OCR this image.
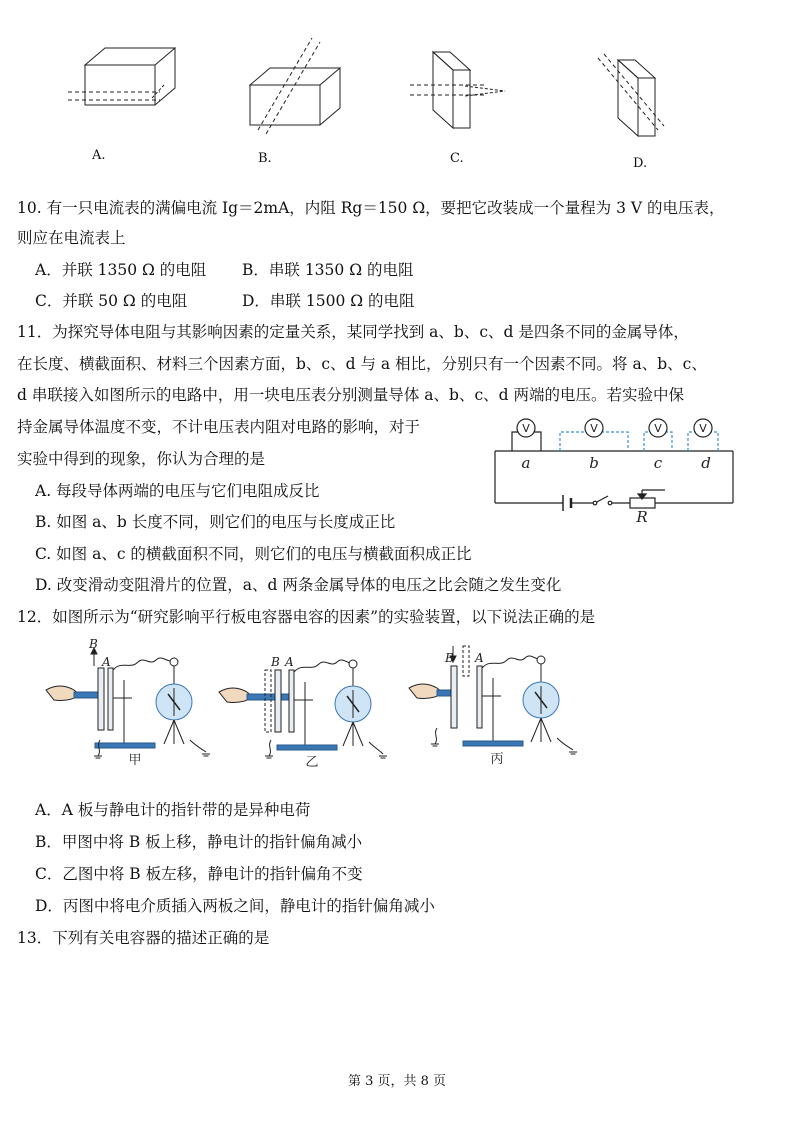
A.	B.	C.	D.
10. 有一只电流表的满偏电流 Ig＝2mA，内阻 Rg＝150 Ω，要把它改装成一个量程为 3 V 的电压表，
则应在电流表上
A．并联 1350 Ω 的电阻 B．串联 1350 Ω 的电阻
C．并联 50 Ω 的电阻	D．串联 1500 Ω 的电阻
11．为探究导体电阻与其影响因素的定量关系，某同学找到 a、b、c、d 是四条不同的金属导体，
在长度、横截面积、材料三个因素方面，b、c、d 与 a 相比，分别只有一个因素不同。将 a、b、c、
d 串联接入如图所示的电路中，用一块电压表分别测量导体 a、b、c、d 两端的电压。若实验中保
持金属导体温度不变，不计电压表内阻对电路的影响，对于
实验中得到的现象，你认为合理的是
V	V	V	V
a	b	c	d
R
A. 每段导体两端的电压与它们电阻成反比
B. 如图 a、b 长度不同，则它们的电压与长度成正比
C. 如图 a、c 的横截面积不同，则它们的电压与横截面积成正比
D. 改变滑动变阻滑片的位置，a、d 两条金属导体的电压之比会随之发生变化
12．如图所示为“研究影响平行板电容器电容的因素”的实验装置，以下说法正确的是
B
A
甲
B A
乙
B A
丙
A．A 板与静电计的指针带的是异种电荷
B．甲图中将 B 板上移，静电计的指针偏角减小
C．乙图中将 B 板左移，静电计的指针偏角不变
D．丙图中将电介质插入两板之间，静电计的指针偏角减小
13．下列有关电容器的描述正确的是
第 3 页，共 8 页
